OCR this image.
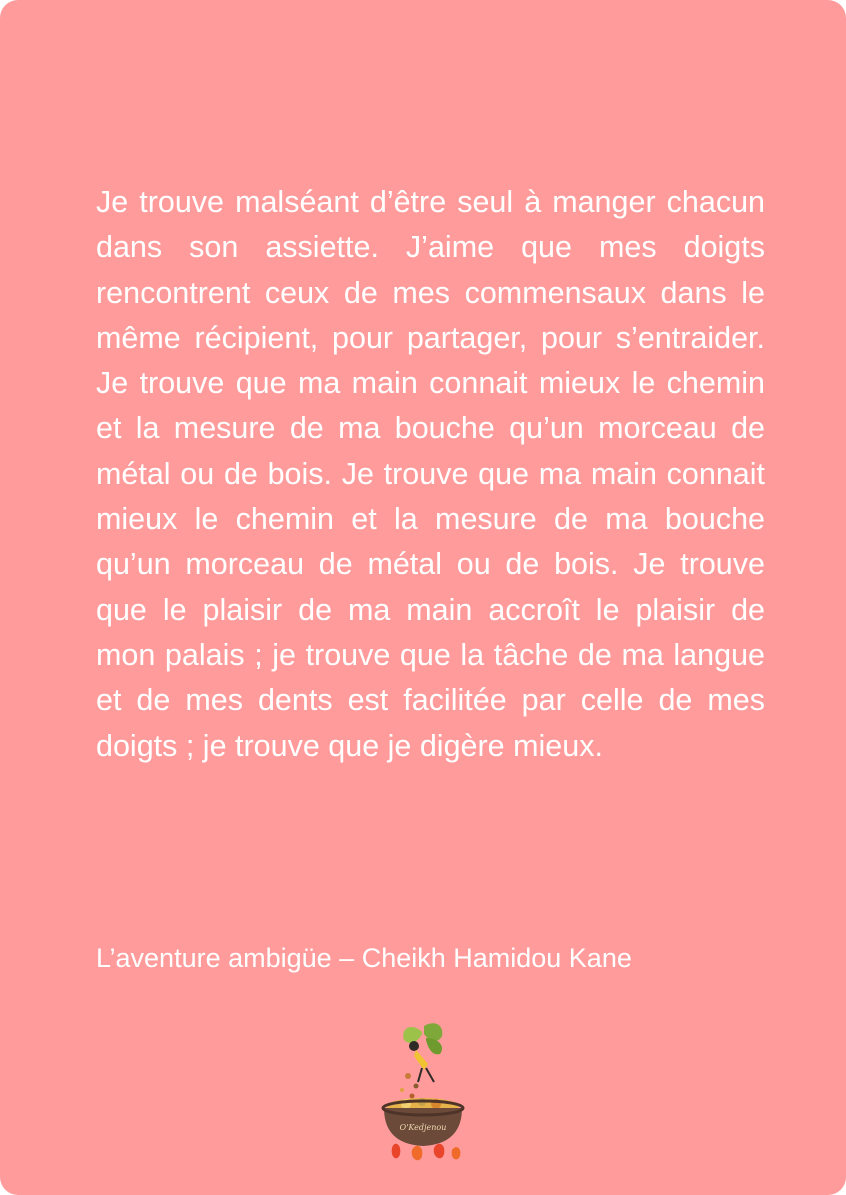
Je trouve malséant d’être seul à manger chacun dans son assiette. J’aime que mes doigts rencontrent ceux de mes commensaux dans le même récipient, pour partager, pour s’entraider. Je trouve que ma main connait mieux le chemin et la mesure de ma bouche qu’un morceau de métal ou de bois. Je trouve que ma main connait mieux le chemin et la mesure de ma bouche qu’un morceau de métal ou de bois. Je trouve que le plaisir de ma main accroît le plaisir de mon palais ; je trouve que la tâche de ma langue et de mes dents est facilitée par celle de mes doigts ; je trouve que je digère mieux.

L’aventure ambigüe – Cheikh Hamidou Kane

O'Kedjenou
